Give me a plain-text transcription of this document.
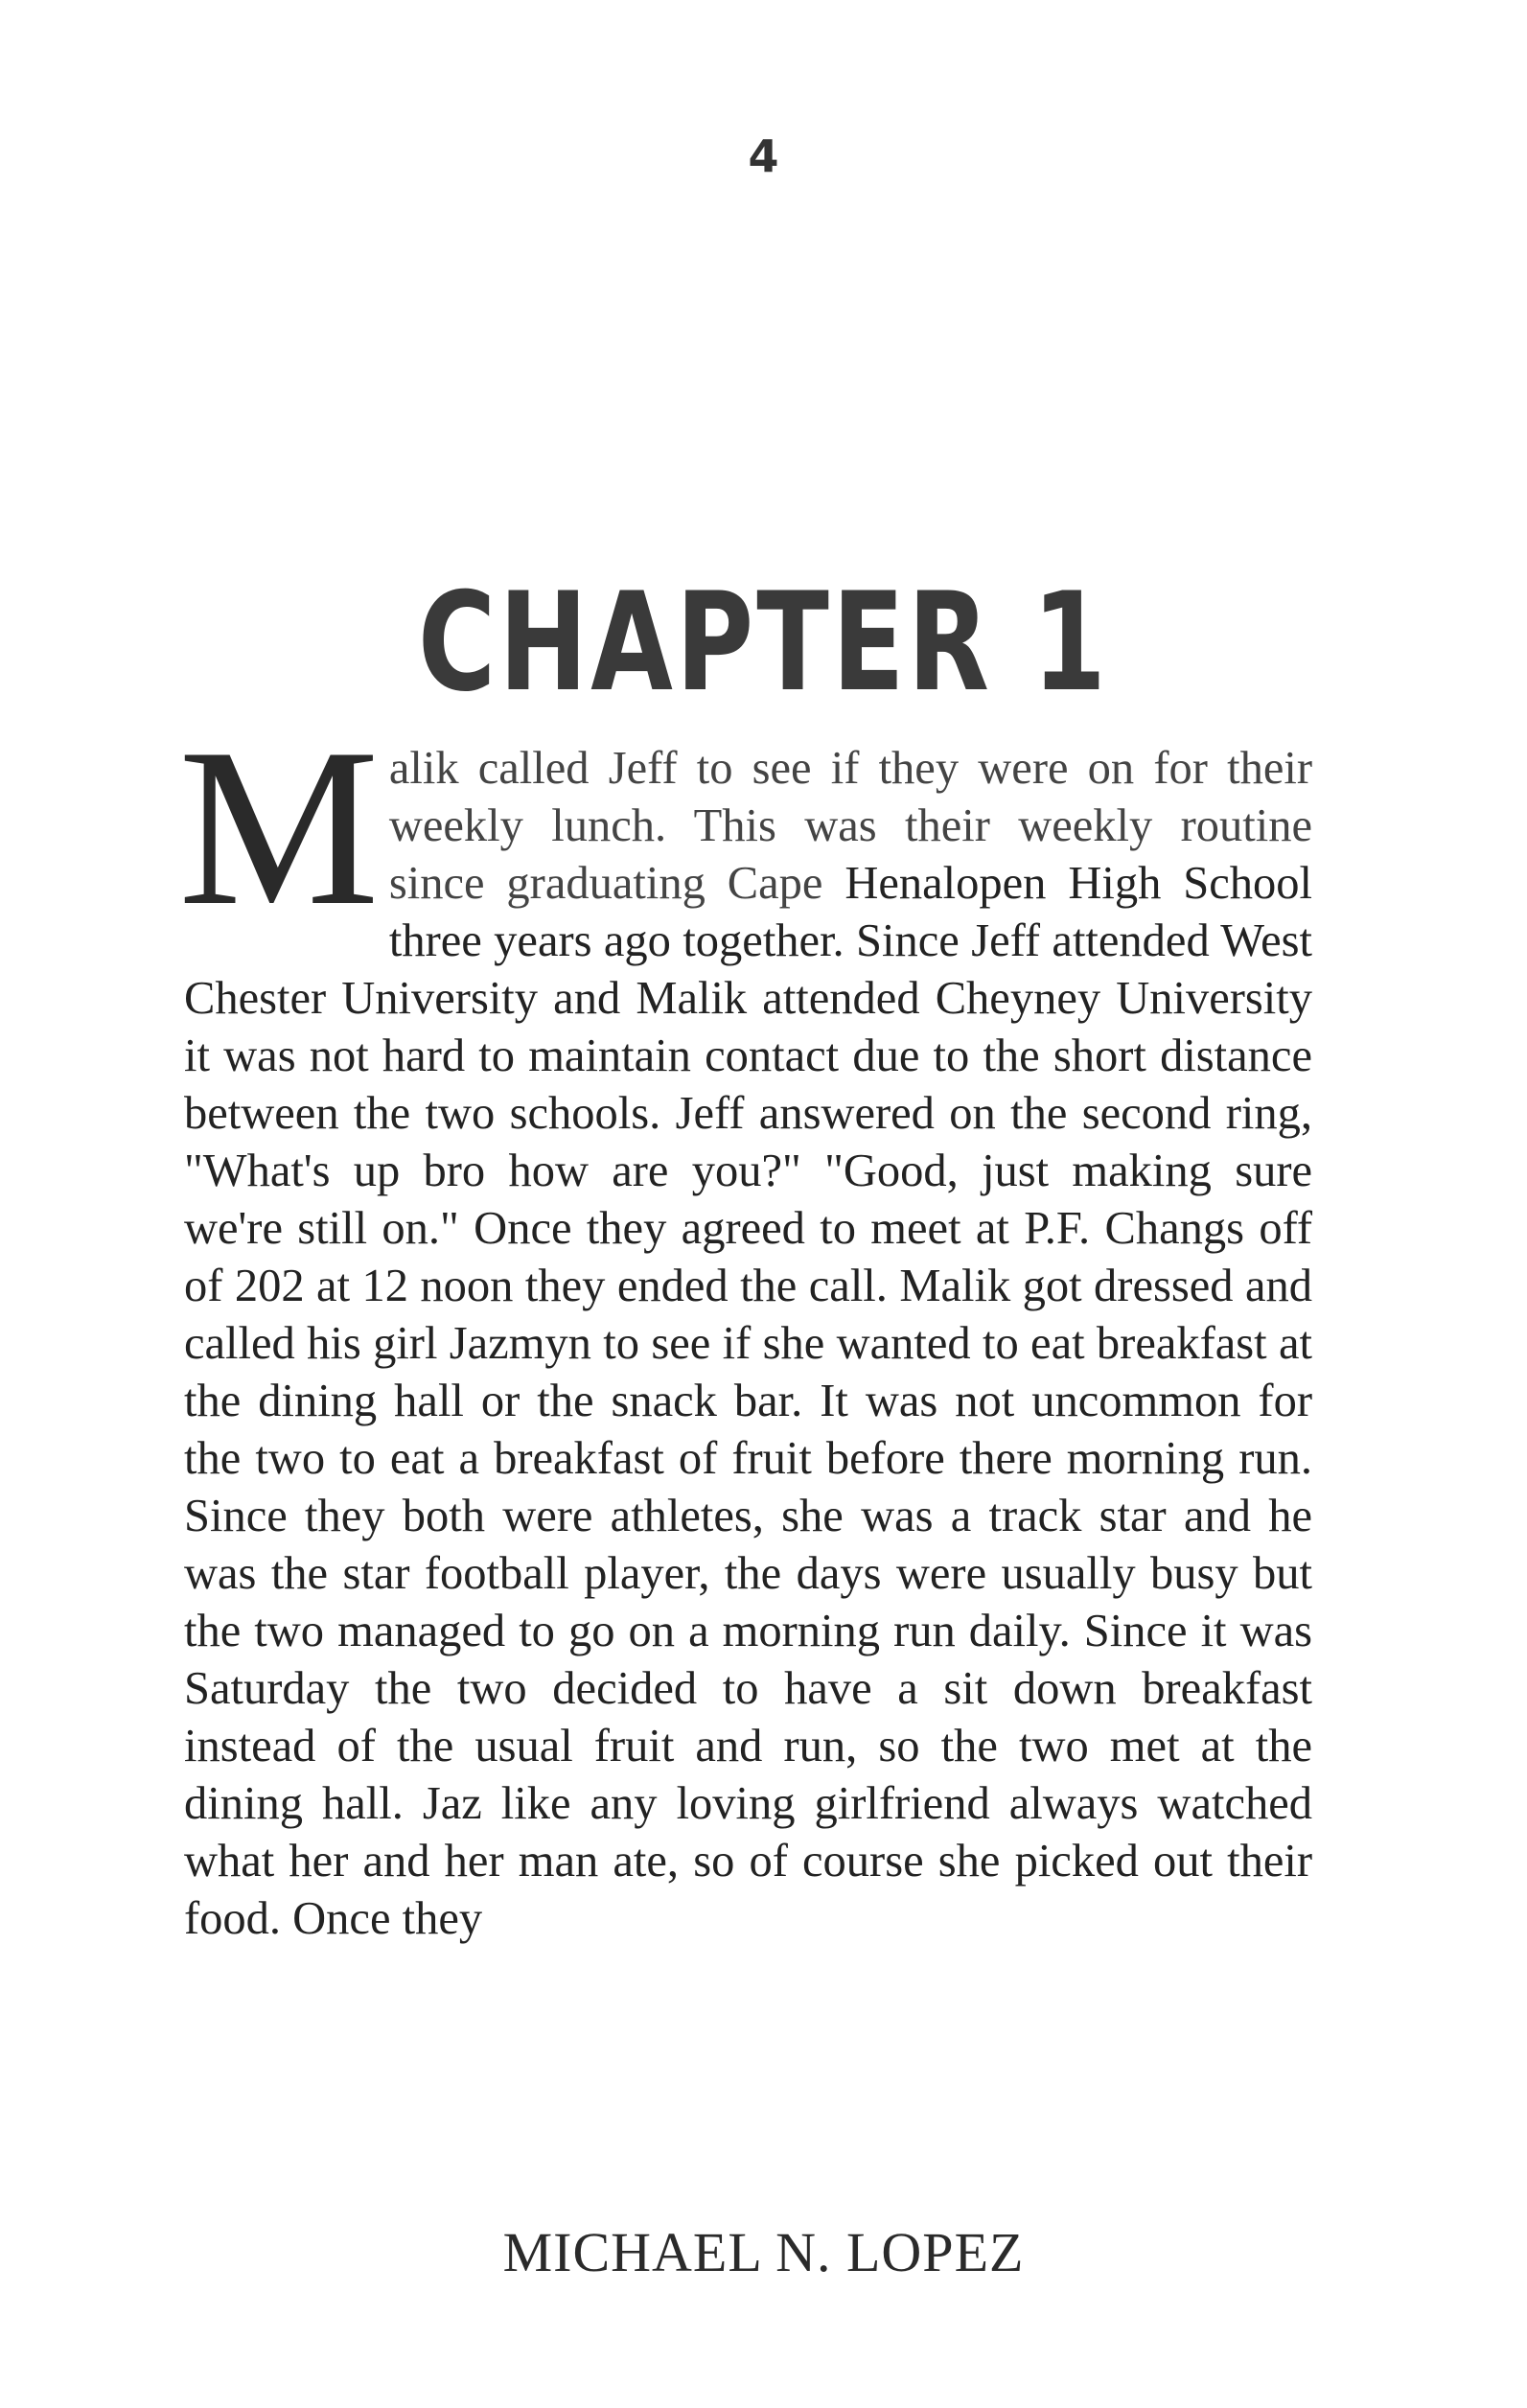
4
CHAPTER 1

Malik called Jeff to see if they were on for their weekly lunch. This was their weekly routine since graduating Cape Henalopen High School three years ago together. Since Jeff attended West Chester University and Malik attended Cheyney University it was not hard to maintain contact due to the short distance between the two schools. Jeff answered on the second ring, "What's up bro how are you?" "Good, just making sure we're still on." Once they agreed to meet at P.F. Changs off of 202 at 12 noon they ended the call. Malik got dressed and called his girl Jazmyn to see if she wanted to eat breakfast at the dining hall or the snack bar. It was not uncommon for the two to eat a breakfast of fruit before there morning run. Since they both were athletes, she was a track star and he was the star football player, the days were usually busy but the two managed to go on a morning run daily. Since it was Saturday the two decided to have a sit down breakfast instead of the usual fruit and run, so the two met at the dining hall. Jaz like any loving girlfriend always watched what her and her man ate, so of course she picked out their food. Once they

MICHAEL N. LOPEZ
